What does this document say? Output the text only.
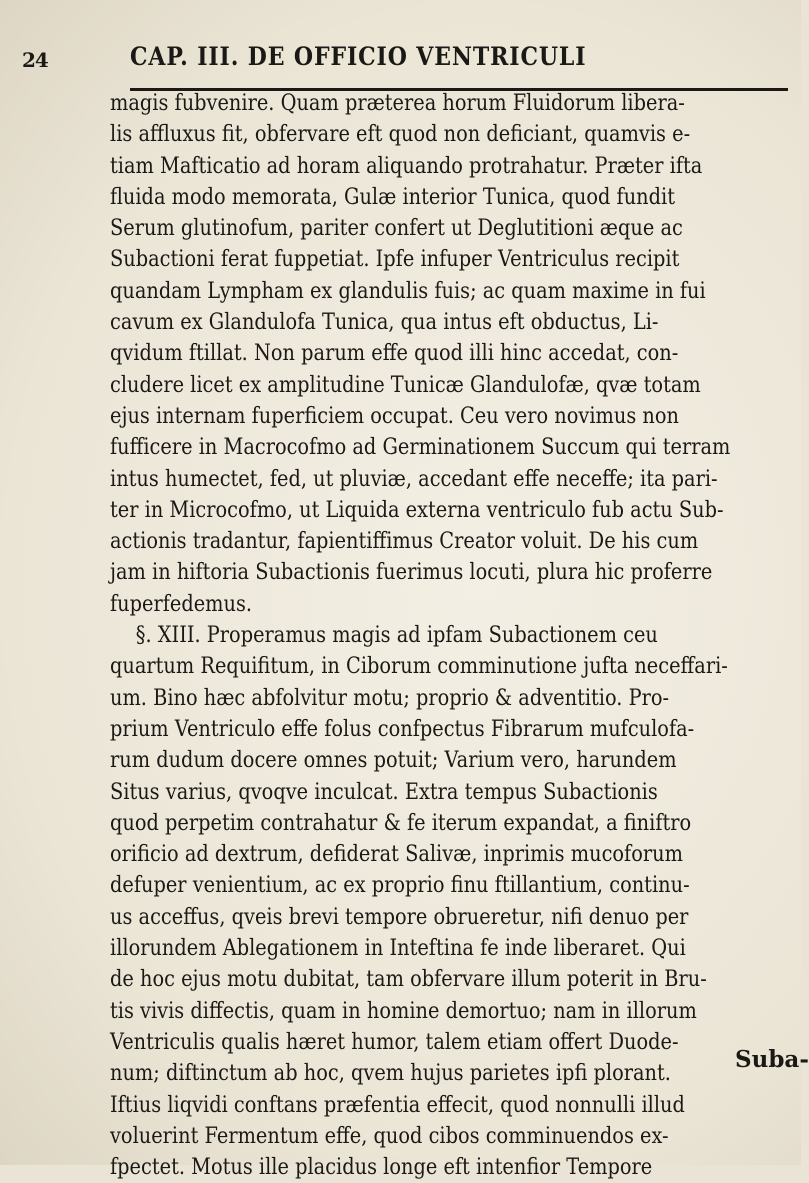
24	CAP. III. DE OFFICIO VENTRICULI
magis fubvenire. Quam præterea horum Fluidorum libera-
lis affluxus fit, obfervare eft quod non deficiant, quamvis e-
tiam Mafticatio ad horam aliquando protrahatur. Præter ifta
fluida modo memorata, Gulæ interior Tunica, quod fundit
Serum glutinofum, pariter confert ut Deglutitioni æque ac
Subactioni ferat fuppetiat. Ipfe infuper Ventriculus recipit
quandam Lympham ex glandulis fuis; ac quam maxime in fui
cavum ex Glandulofa Tunica, qua intus eft obductus, Li-
qvidum ftillat. Non parum effe quod illi hinc accedat, con-
cludere licet ex amplitudine Tunicæ Glandulofæ, qvæ totam
ejus internam fuperficiem occupat. Ceu vero novimus non
fufficere in Macrocofmo ad Germinationem Succum qui terram
intus humectet, fed, ut pluviæ, accedant effe neceffe; ita pari-
ter in Microcofmo, ut Liquida externa ventriculo fub actu Sub-
actionis tradantur, fapientiffimus Creator voluit. De his cum
jam in hiftoria Subactionis fuerimus locuti, plura hic proferre
fuperfedemus.
§. XIII. Properamus magis ad ipfam Subactionem ceu
quartum Requifitum, in Ciborum comminutione jufta neceffari-
um. Bino hæc abfolvitur motu; proprio & adventitio. Pro-
prium Ventriculo effe folus confpectus Fibrarum mufculofa-
rum dudum docere omnes potuit; Varium vero, harundem
Situs varius, qvoqve inculcat. Extra tempus Subactionis
quod perpetim contrahatur & fe iterum expandat, a finiftro
orificio ad dextrum, defiderat Salivæ, inprimis mucoforum
defuper venientium, ac ex proprio finu ftillantium, continu-
us acceffus, qveis brevi tempore obrueretur, nifi denuo per
illorundem Ablegationem in Inteftina fe inde liberaret. Qui
de hoc ejus motu dubitat, tam obfervare illum poterit in Bru-
tis vivis diffectis, quam in homine demortuo; nam in illorum
Ventriculis qualis hæret humor, talem etiam offert Duode-
num; diftinctum ab hoc, qvem hujus parietes ipfi plorant.
Iftius liqvidi conftans præfentia effecit, quod nonnulli illud
voluerint Fermentum effe, quod cibos comminuendos ex-
fpectet. Motus ille placidus longe eft intenfior Tempore
Suba-
